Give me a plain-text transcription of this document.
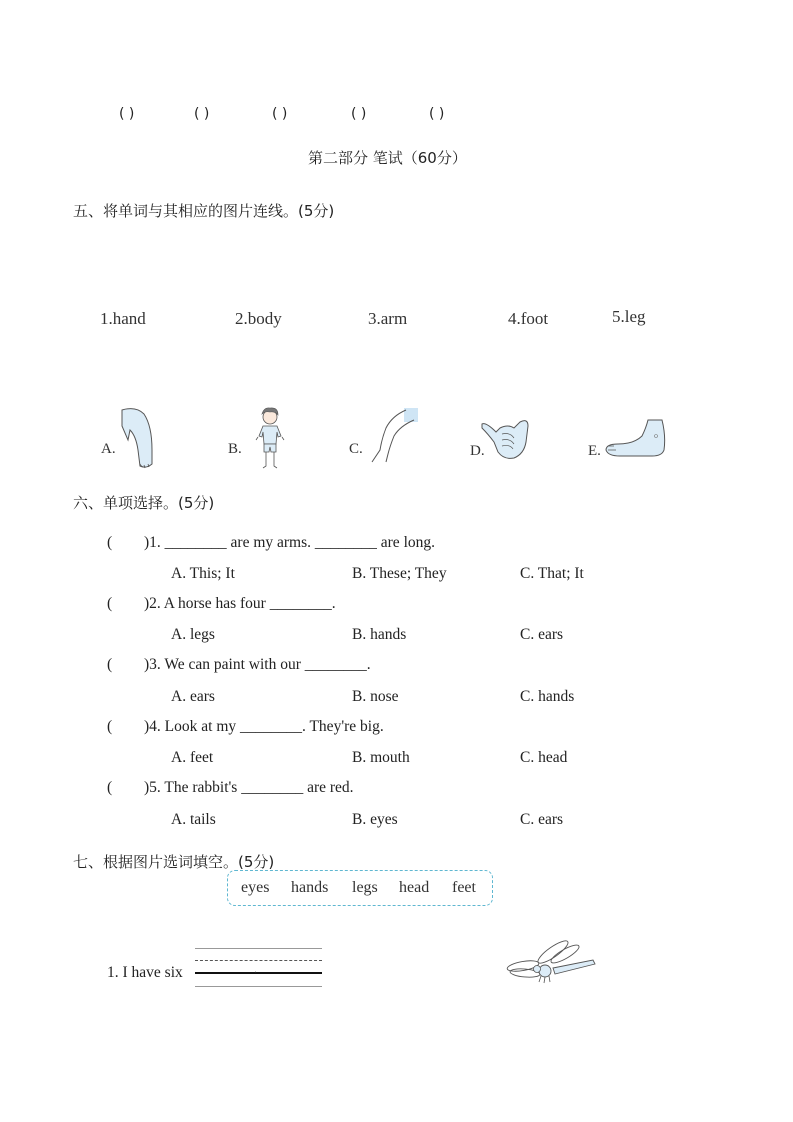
( )	( )	( )	( )	( )
第二部分 笔试（60分）
五、将单词与其相应的图片连线。(5分)
1.hand	2.body	3.arm	4.foot	5.leg
A.	B.	C.	D.	E.
六、单项选择。(5分)
( )1. ________ are my arms. ________ are long.
A. This; It	B. These; They	C. That; It
( )2. A horse has four ________.
A. legs	B. hands	C. ears
( )3. We can paint with our ________.
A. ears	B. nose	C. hands
( )4. Look at my ________. They're big.
A. feet	B. mouth	C. head
( )5. The rabbit's ________ are red.
A. tails	B. eyes	C. ears
七、根据图片选词填空。(5分)
eyes hands legs head feet
1. I have six	.
